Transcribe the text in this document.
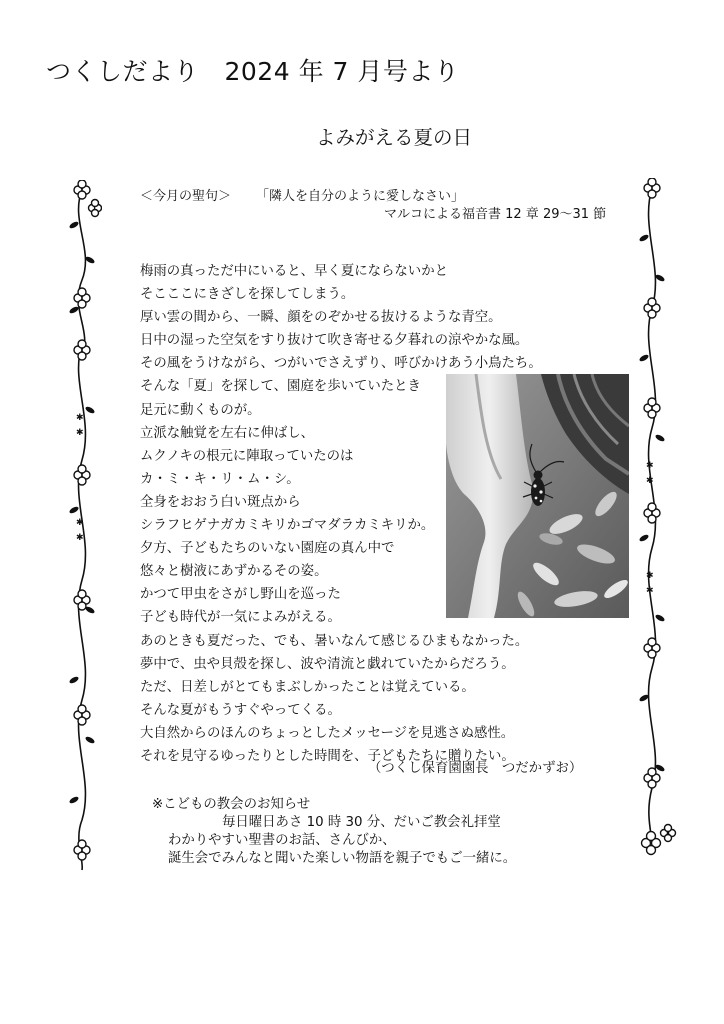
つくしだより　2024 年 7 月号より
よみがえる夏の日
＜今月の聖句＞ 「隣人を自分のように愛しなさい」
マルコによる福音書 12 章 29～31 節
梅雨の真っただ中にいると、早く夏にならないかと
そこここにきざしを探してしまう。
厚い雲の間から、一瞬、顔をのぞかせる抜けるような青空。
日中の湿った空気をすり抜けて吹き寄せる夕暮れの涼やかな風。
その風をうけながら、つがいでさえずり、呼びかけあう小鳥たち。
そんな「夏」を探して、園庭を歩いていたとき
足元に動くものが。
立派な触覚を左右に伸ばし、
ムクノキの根元に陣取っていたのは
カ・ミ・キ・リ・ム・シ。
全身をおおう白い斑点から
シラフヒゲナガカミキリかゴマダラカミキリか。
夕方、子どもたちのいない園庭の真ん中で
悠々と樹液にあずかるその姿。
かつて甲虫をさがし野山を巡った
子ども時代が一気によみがえる。
あのときも夏だった、でも、暑いなんて感じるひまもなかった。
夢中で、虫や貝殻を探し、波や清流と戯れていたからだろう。
ただ、日差しがとてもまぶしかったことは覚えている。
そんな夏がもうすぐやってくる。
大自然からのほんのちょっとしたメッセージを見逃さぬ感性。
それを見守るゆったりとした時間を、子どもたちに贈りたい。
（つくし保育園園長　つだかずお）
※こどもの教会のお知らせ
毎日曜日あさ 10 時 30 分、だいご教会礼拝堂
わかりやすい聖書のお話、さんびか、
誕生会でみんなと聞いた楽しい物語を親子でもご一緒に。
✱
✱
✱
✱
✱
✱
✱
✱
